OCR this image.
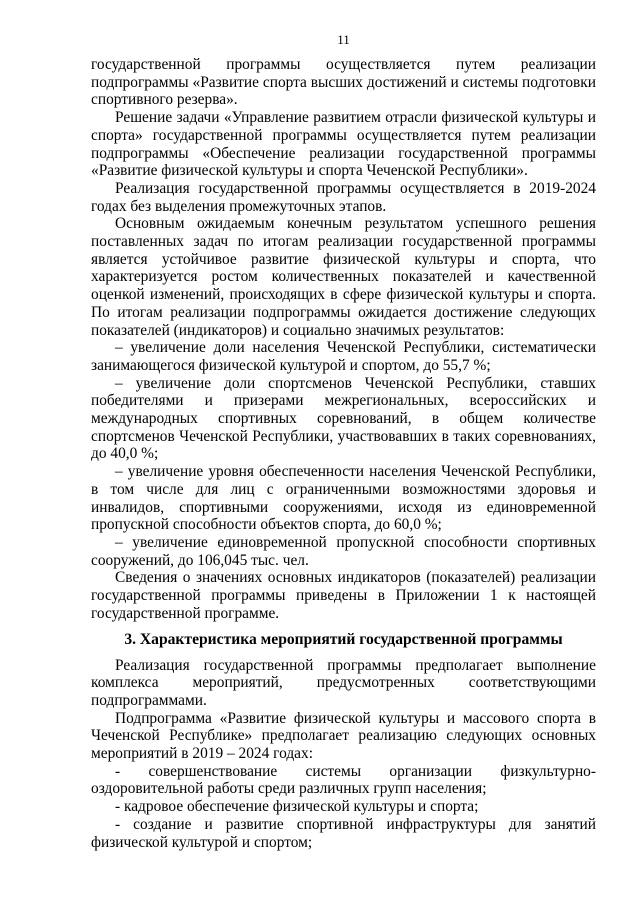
11

государственной программы осуществляется путем реализации подпрограммы «Развитие спорта высших достижений и системы подготовки спортивного резерва».

Решение задачи «Управление развитием отрасли физической культуры и спорта» государственной программы осуществляется путем реализации подпрограммы «Обеспечение реализации государственной программы «Развитие физической культуры и спорта Чеченской Республики».

Реализация государственной программы осуществляется в 2019-2024 годах без выделения промежуточных этапов.

Основным ожидаемым конечным результатом успешного решения поставленных задач по итогам реализации государственной программы является устойчивое развитие физической культуры и спорта, что характеризуется ростом количественных показателей и качественной оценкой изменений, происходящих в сфере физической культуры и спорта. По итогам реализации подпрограммы ожидается достижение следующих показателей (индикаторов) и социально значимых результатов:

– увеличение доли населения Чеченской Республики, систематически занимающегося физической культурой и спортом, до 55,7 %;

– увеличение доли спортсменов Чеченской Республики, ставших победителями и призерами межрегиональных, всероссийских и международных спортивных соревнований, в общем количестве спортсменов Чеченской Республики, участвовавших в таких соревнованиях, до 40,0 %;

– увеличение уровня обеспеченности населения Чеченской Республики, в том числе для лиц с ограниченными возможностями здоровья и инвалидов, спортивными сооружениями, исходя из единовременной пропускной способности объектов спорта, до 60,0 %;

– увеличение единовременной пропускной способности спортивных сооружений, до 106,045 тыс. чел.

Сведения о значениях основных индикаторов (показателей) реализации государственной программы приведены в Приложении 1 к настоящей государственной программе.

3. Характеристика мероприятий государственной программы

Реализация государственной программы предполагает выполнение комплекса мероприятий, предусмотренных соответствующими подпрограммами.

Подпрограмма «Развитие физической культуры и массового спорта в Чеченской Республике» предполагает реализацию следующих основных мероприятий в 2019 – 2024 годах:

- совершенствование системы организации физкультурно-оздоровительной работы среди различных групп населения;

- кадровое обеспечение физической культуры и спорта;

- создание и развитие спортивной инфраструктуры для занятий физической культурой и спортом;
